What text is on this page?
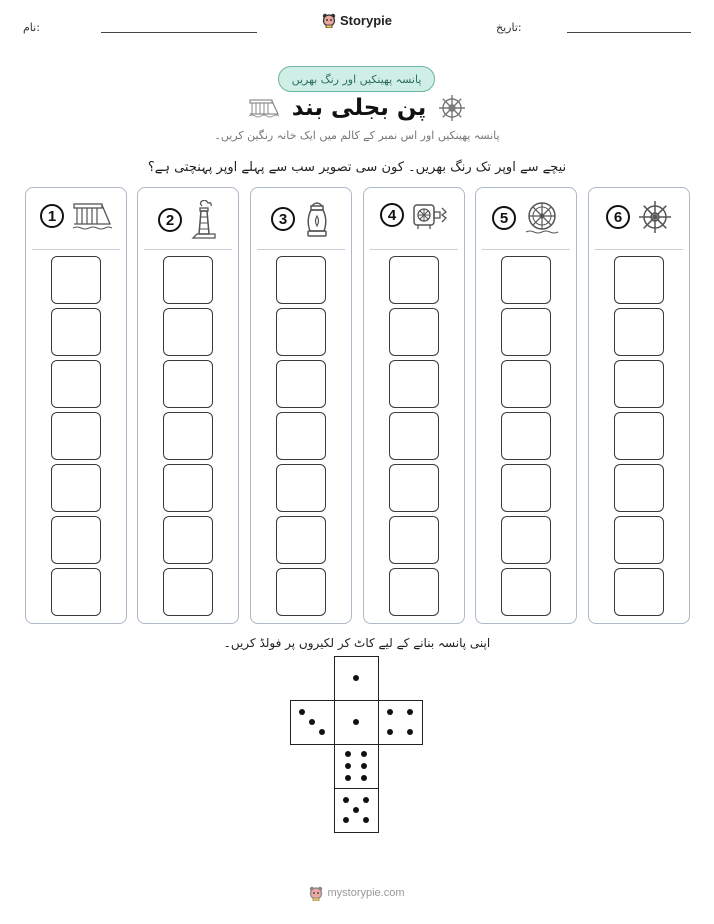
تاریخ:
نام:	Storypie
پانسہ پھینکیں اور رنگ بھریں
پن بجلی بند
پانسہ پھینکیں اور اس نمبر کے کالم میں ایک خانہ رنگین کریں۔
نیچے سے اوپر تک رنگ بھریں۔ کون سی تصویر سب سے پہلے اوپر پہنچتی ہے؟
6
5
4
3
2
1
اپنی پانسہ بنانے کے لیے کاٹ کر لکیروں پر فولڈ کریں۔
mystorypie.com
